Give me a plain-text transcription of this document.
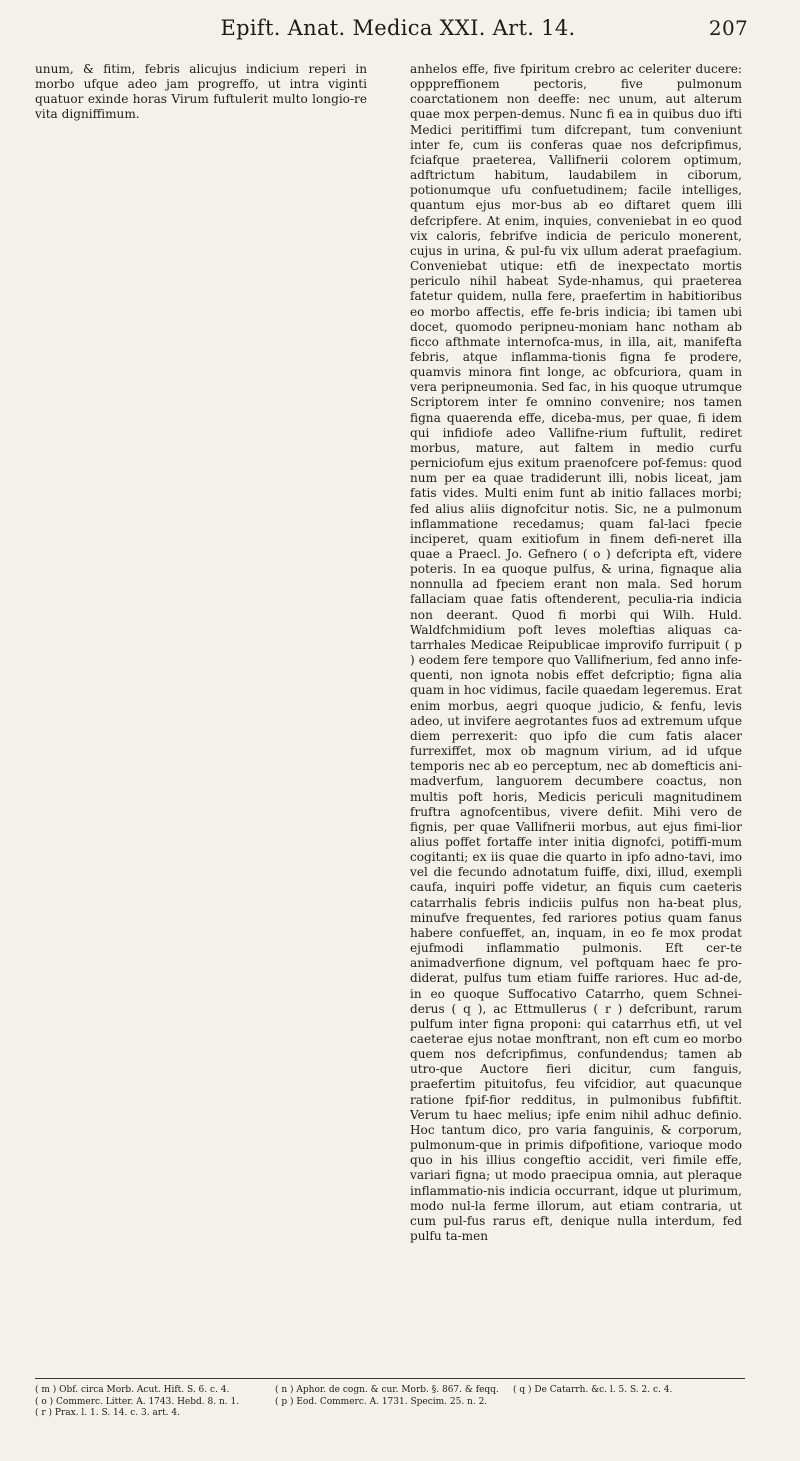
Epift. Anat. Medica XXI. Art. 14.	207

unum, & fitim, febris alicujus indicium reperi in morbo ufque adeo jam progreffo, ut intra viginti quatuor exinde horas Virum fuftulerit multo longio-re vita digniffimum.

anhelos effe, five fpiritum crebro ac celeriter ducere: opppreffionem pectoris, five pulmonum coarctationem non deeffe: nec unum, aut alterum quae mox perpen-demus. Nunc fi ea in quibus duo ifti Medici peritiffimi tum difcrepant, tum conveniunt inter fe, cum iis conferas quae nos defcripfimus, fciafque praeterea, Vallifnerii colorem optimum, adftrictum habitum, laudabilem in ciborum, potionumque ufu confuetudinem; facile intelliges, quantum ejus mor-bus ab eo diftaret quem illi defcripfere. At enim, inquies, conveniebat in eo quod vix caloris, febrifve indicia de periculo monerent, cujus in urina, & pul-fu vix ullum aderat praefagium. Conveniebat utique: etfi de inexpectato mortis periculo nihil habeat Syde-nhamus, qui praeterea fatetur quidem, nulla fere, praefertim in habitioribus eo morbo affectis, effe fe-bris indicia; ibi tamen ubi docet, quomodo peripneu-moniam hanc notham ab ficco afthmate internofca-mus, in illa, ait, manifefta febris, atque inflamma-tionis figna fe prodere, quamvis minora fint longe, ac obfcuriora, quam in vera peripneumonia. Sed fac, in his quoque utrumque Scriptorem inter fe omnino convenire; nos tamen figna quaerenda effe, diceba-mus, per quae, fi idem qui infidiofe adeo Vallifne-rium fuftulit, rediret morbus, mature, aut faltem in medio curfu perniciofum ejus exitum praenofcere pof-femus: quod num per ea quae tradiderunt illi, nobis liceat, jam fatis vides. Multi enim funt ab initio fallaces morbi; fed alius aliis dignofcitur notis. Sic, ne a pulmonum inflammatione recedamus; quam fal-laci fpecie inciperet, quam exitiofum in finem defi-neret illa quae a Praecl. Jo. Gefnero ( o ) defcripta eft, videre poteris. In ea quoque pulfus, & urina, fignaque alia nonnulla ad fpeciem erant non mala. Sed horum fallaciam quae fatis oftenderent, peculia-ria indicia non deerant. Quod fi morbi qui Wilh. Huld. Waldfchmidium poft leves moleftias aliquas ca-tarrhales Medicae Reipublicae improvifo furripuit ( p ) eodem fere tempore quo Vallifnerium, fed anno infe-quenti, non ignota nobis effet defcriptio; figna alia quam in hoc vidimus, facile quaedam legeremus. Erat enim morbus, aegri quoque judicio, & fenfu, levis adeo, ut invifere aegrotantes fuos ad extremum ufque diem perrexerit: quo ipfo die cum fatis alacer furrexiffet, mox ob magnum virium, ad id ufque temporis nec ab eo perceptum, nec ab domefticis ani-madverfum, languorem decumbere coactus, non multis poft horis, Medicis periculi magnitudinem fruftra agnofcentibus, vivere defiit. Mihi vero de fignis, per quae Vallifnerii morbus, aut ejus fimi-lior alius poffet fortaffe inter initia dignofci, potiffi-mum cogitanti; ex iis quae die quarto in ipfo adno-tavi, imo vel die fecundo adnotatum fuiffe, dixi, illud, exempli caufa, inquiri poffe videtur, an fiquis cum caeteris catarrhalis febris indiciis pulfus non ha-beat plus, minufve frequentes, fed rariores potius quam fanus habere confueffet, an, inquam, in eo fe mox prodat ejufmodi inflammatio pulmonis. Eft cer-te animadverfione dignum, vel poftquam haec fe pro-diderat, pulfus tum etiam fuiffe rariores. Huc ad-de, in eo quoque Suffocativo Catarrho, quem Schnei-derus ( q ), ac Ettmullerus ( r ) defcribunt, rarum pulfum inter figna proponi: qui catarrhus etfi, ut vel caeterae ejus notae monftrant, non eft cum eo morbo quem nos defcripfimus, confundendus; tamen ab utro-que Auctore fieri dicitur, cum fanguis, praefertim pituitofus, feu vifcidior, aut quacunque ratione fpif-fior redditus, in pulmonibus fubfiftit. Verum tu haec melius; ipfe enim nihil adhuc definio. Hoc tantum dico, pro varia fanguinis, & corporum, pulmonum-que in primis difpofitione, varioque modo quo in his illius congeftio accidit, veri fimile effe, variari figna; ut modo praecipua omnia, aut pleraque inflammatio-nis indicia occurrant, idque ut plurimum, modo nul-la ferme illorum, aut etiam contraria, ut cum pul-fus rarus eft, denique nulla interdum, fed pulfu ta-men

( m ) Obf. circa Morb. Acut. Hift. S. 6. c. 4.
( o ) Commerc. Litter. A. 1743. Hebd. 8. n. 1.
( r ) Prax. l. 1. S. 14. c. 3. art. 4.
( n ) Aphor. de cogn. & cur. Morb. §. 867. & feqq.
( p ) Eod. Commerc. A. 1731. Specim. 25. n. 2.
( q ) De Catarrh. &c. l. 5. S. 2. c. 4.
